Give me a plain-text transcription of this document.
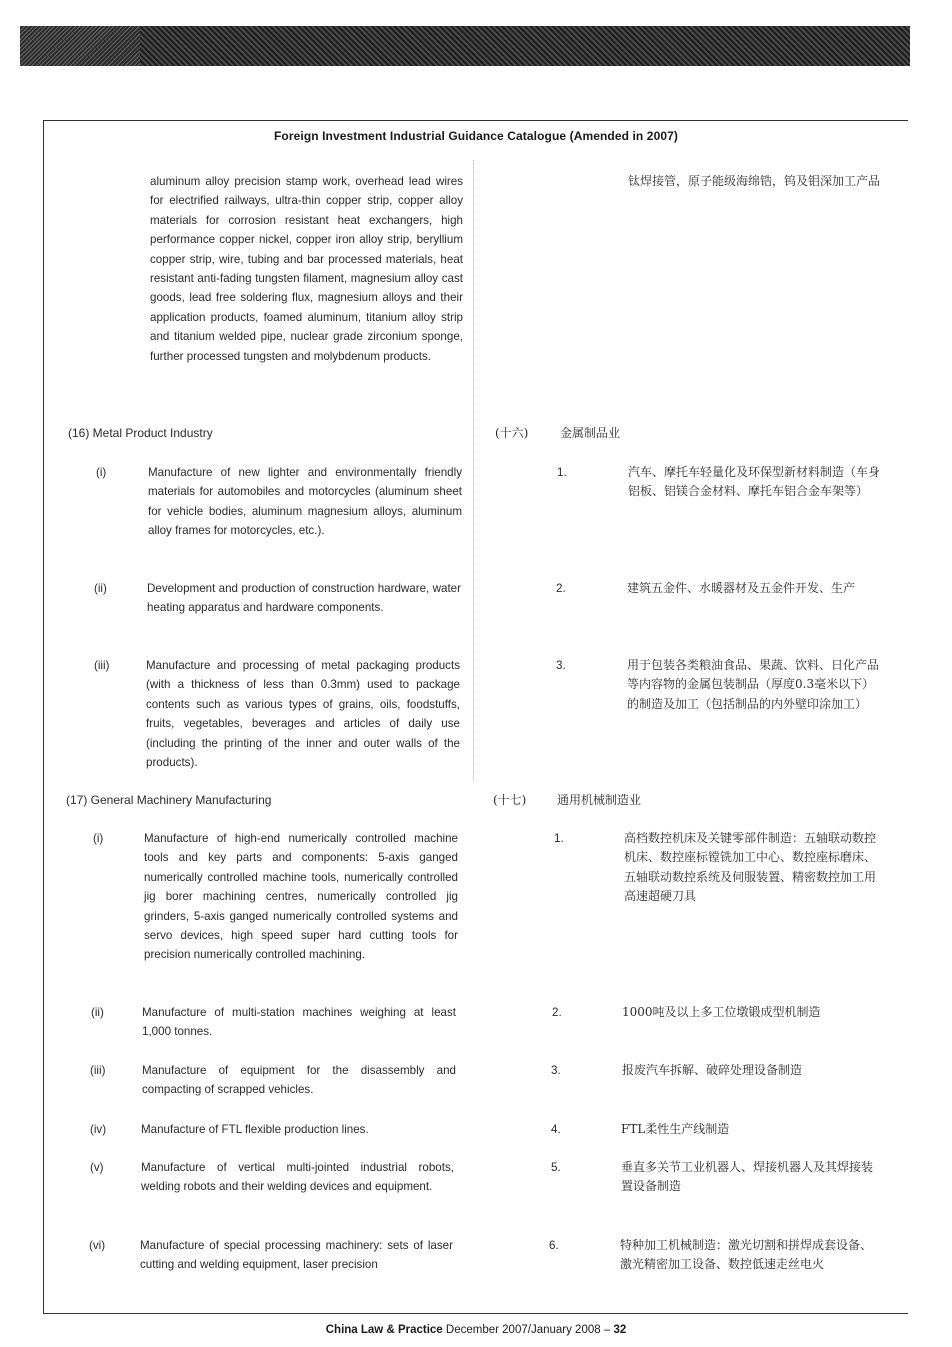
Foreign Investment Industrial Guidance Catalogue (Amended in 2007)
aluminum alloy precision stamp work, overhead lead wires for electrified railways, ultra-thin copper strip, copper alloy materials for corrosion resistant heat exchangers, high performance copper nickel, copper iron alloy strip, beryllium copper strip, wire, tubing and bar processed materials, heat resistant anti-fading tungsten filament, magnesium alloy cast goods, lead free soldering flux, magnesium alloys and their application products, foamed aluminum, titanium alloy strip and titanium welded pipe, nuclear grade zirconium sponge, further processed tungsten and molybdenum products.
钛焊接管，原子能级海绵锆，钨及钼深加工产品
(16) Metal Product Industry	(十六)	金属制品业
(i)	Manufacture of new lighter and environmentally friendly materials for automobiles and motorcycles (aluminum sheet for vehicle bodies, aluminum magnesium alloys, aluminum alloy frames for motorcycles, etc.).
1.	汽车、摩托车轻量化及环保型新材料制造（车身铝板、铝镁合金材料、摩托车铝合金车架等）
(ii)	Development and production of construction hardware, water heating apparatus and hardware components.
2.	建筑五金件、水暖器材及五金件开发、生产
(iii)	Manufacture and processing of metal packaging products (with a thickness of less than 0.3mm) used to package contents such as various types of grains, oils, foodstuffs, fruits, vegetables, beverages and articles of daily use (including the printing of the inner and outer walls of the products).
3.	用于包装各类粮油食品、果蔬、饮料、日化产品等内容物的金属包装制品（厚度0.3毫米以下）的制造及加工（包括制品的内外壁印涂加工）
(17) General Machinery Manufacturing	(十七)	通用机械制造业
(i)	Manufacture of high-end numerically controlled machine tools and key parts and components: 5-axis ganged numerically controlled machine tools, numerically controlled jig borer machining centres, numerically controlled jig grinders, 5-axis ganged numerically controlled systems and servo devices, high speed super hard cutting tools for precision numerically controlled machining.
1.	高档数控机床及关键零部件制造：五轴联动数控机床、数控座标镗铣加工中心、数控座标磨床、五轴联动数控系统及伺服装置、精密数控加工用高速超硬刀具
(ii)	Manufacture of multi-station machines weighing at least 1,000 tonnes.
2.	1000吨及以上多工位墩锻成型机制造
(iii)	Manufacture of equipment for the disassembly and compacting of scrapped vehicles.
3.	报废汽车拆解、破碎处理设备制造
(iv)	Manufacture of FTL flexible production lines.	4.	FTL柔性生产线制造
(v)	Manufacture of vertical multi-jointed industrial robots, welding robots and their welding devices and equipment.
5.	垂直多关节工业机器人、焊接机器人及其焊接装置设备制造
(vi)	Manufacture of special processing machinery: sets of laser cutting and welding equipment, laser precision
6.	特种加工机械制造：激光切割和拼焊成套设备、激光精密加工设备、数控低速走丝电火
China Law & Practice December 2007/January 2008 – 32
